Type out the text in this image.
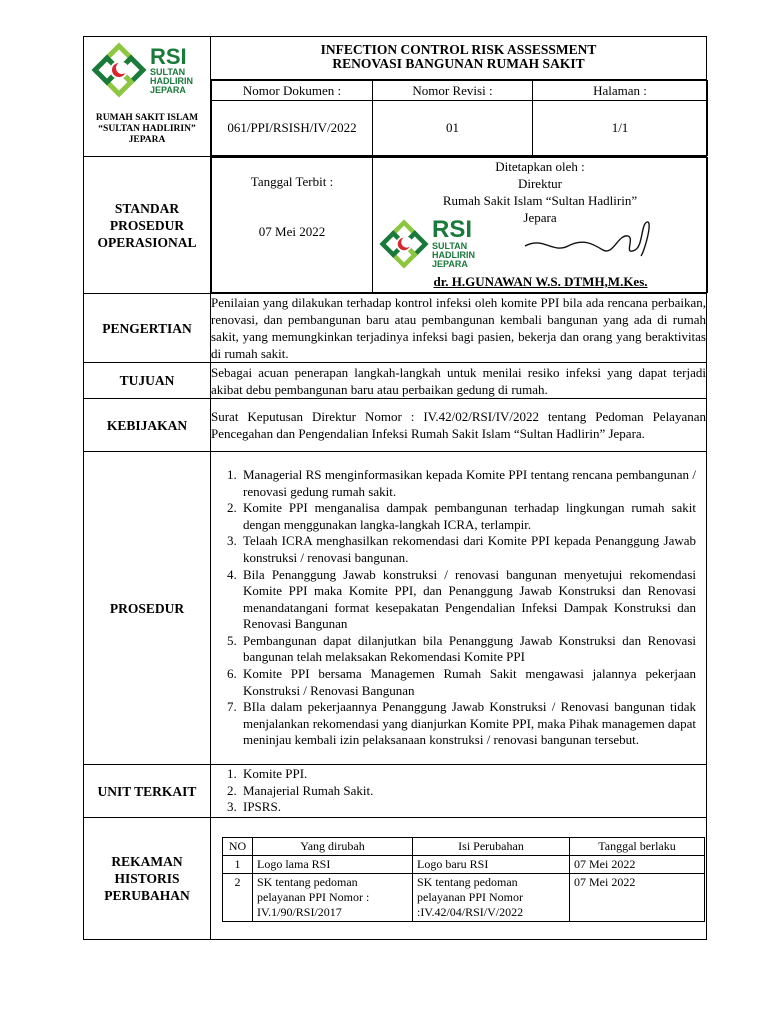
RSI
SULTAN
HADLIRIN
JEPARA
RUMAH SAKIT ISLAM
“SULTAN HADLIRIN”
JEPARA

INFECTION CONTROL RISK ASSESSMENT
RENOVASI BANGUNAN RUMAH SAKIT
Nomor Dokumen :	Nomor Revisi :	Halaman :
061/PPI/RSISH/IV/2022	01	1/1

STANDAR
PROSEDUR
OPERASIONAL

Tanggal Terbit :
07 Mei 2022

Ditetapkan oleh :
Direktur
Rumah Sakit Islam “Sultan Hadlirin”
Jepara
RSI
SULTAN
HADLIRIN
JEPARA
dr. H.GUNAWAN W.S. DTMH,M.Kes.

PENGERTIAN	Penilaian yang dilakukan terhadap kontrol infeksi oleh komite PPI bila ada rencana perbaikan, renovasi, dan pembangunan baru atau pembangunan kembali bangunan yang ada di rumah sakit, yang memungkinkan terjadinya infeksi bagi pasien, bekerja dan orang yang beraktivitas di rumah sakit.
TUJUAN	Sebagai acuan penerapan langkah-langkah untuk menilai resiko infeksi yang dapat terjadi akibat debu pembangunan baru atau perbaikan gedung di rumah.
KEBIJAKAN	Surat Keputusan Direktur Nomor : IV.42/02/RSI/IV/2022 tentang Pedoman Pelayanan Pencegahan dan Pengendalian Infeksi Rumah Sakit Islam “Sultan Hadlirin” Jepara.
PROSEDUR	
1. Managerial RS menginformasikan kepada Komite PPI tentang rencana pembangunan / renovasi gedung rumah sakit.
2. Komite PPI menganalisa dampak pembangunan terhadap lingkungan rumah sakit dengan menggunakan langka-langkah ICRA, terlampir.
3. Telaah ICRA menghasilkan rekomendasi dari Komite PPI kepada Penanggung Jawab konstruksi / renovasi bangunan.
4. Bila Penanggung Jawab konstruksi / renovasi bangunan menyetujui rekomendasi Komite PPI maka Komite PPI, dan Penanggung Jawab Konstruksi dan Renovasi menandatangani format kesepakatan Pengendalian Infeksi Dampak Konstruksi dan Renovasi Bangunan
5. Pembangunan dapat dilanjutkan bila Penanggung Jawab Konstruksi dan Renovasi bangunan telah melaksakan Rekomendasi Komite PPI
6. Komite PPI bersama Managemen Rumah Sakit mengawasi jalannya pekerjaan Konstruksi / Renovasi Bangunan
7. BIla dalam pekerjaannya Penanggung Jawab Konstruksi / Renovasi bangunan tidak menjalankan rekomendasi yang dianjurkan Komite PPI, maka Pihak managemen dapat meninjau kembali izin pelaksanaan konstruksi / renovasi bangunan tersebut.

UNIT TERKAIT	
1. Komite PPI.
2. Manajerial Rumah Sakit.
3. IPSRS.

REKAMAN
HISTORIS
PERUBAHAN

NO	Yang dirubah	Isi Perubahan	Tanggal berlaku
1	Logo lama RSI	Logo baru RSI	07 Mei 2022
2	SK tentang pedoman pelayanan PPI Nomor : IV.1/90/RSI/2017	SK tentang pedoman pelayanan PPI Nomor :IV.42/04/RSI/V/2022	07 Mei 2022
